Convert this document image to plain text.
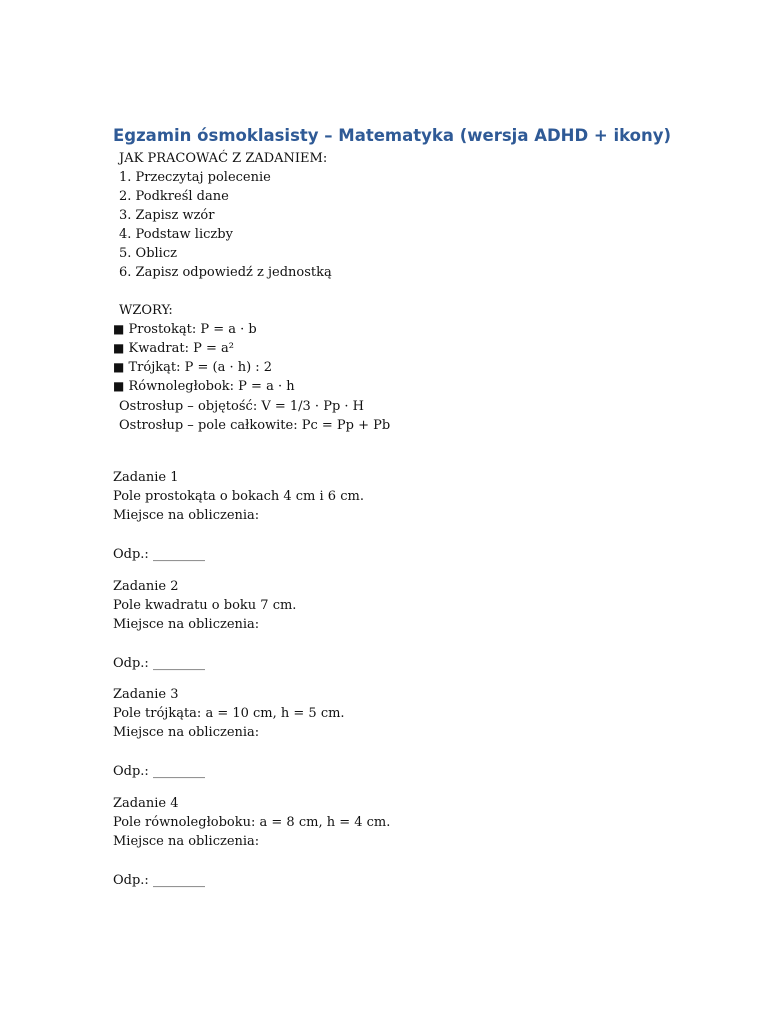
Egzamin ósmoklasisty – Matematyka (wersja ADHD + ikony)
JAK PRACOWAĆ Z ZADANIEM:
1. Przeczytaj polecenie
2. Podkreśl dane
3. Zapisz wzór
4. Podstaw liczby
5. Oblicz
6. Zapisz odpowiedź z jednostką
WZORY:
■ Prostokąt: P = a · b
■ Kwadrat: P = a²
■ Trójkąt: P = (a · h) : 2
■ Równoległobok: P = a · h
Ostrosłup – objętość: V = 1/3 · Pp · H
Ostrosłup – pole całkowite: Pc = Pp + Pb
Zadanie 1
Pole prostokąta o bokach 4 cm i 6 cm.
Miejsce na obliczenia:
Odp.: ________
Zadanie 2
Pole kwadratu o boku 7 cm.
Miejsce na obliczenia:
Odp.: ________
Zadanie 3
Pole trójkąta: a = 10 cm, h = 5 cm.
Miejsce na obliczenia:
Odp.: ________
Zadanie 4
Pole równoległoboku: a = 8 cm, h = 4 cm.
Miejsce na obliczenia:
Odp.: ________
